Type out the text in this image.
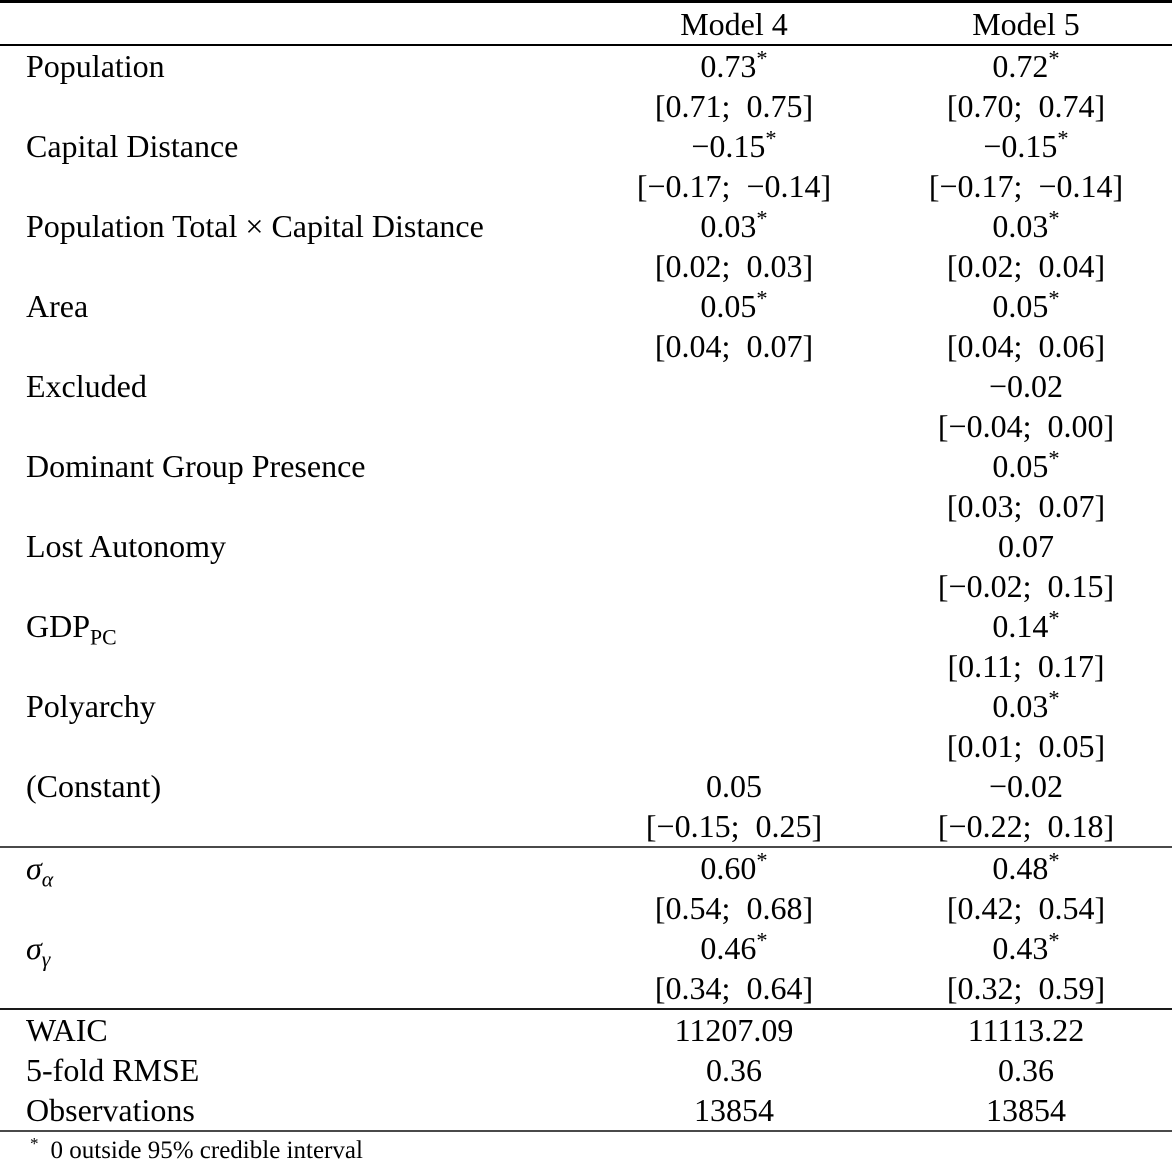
	Model 4	Model 5
Population	0.73*	0.72*
	[0.71; 0.75]	[0.70; 0.74]
Capital Distance	−0.15*	−0.15*
	[−0.17; −0.14]	[−0.17; −0.14]
Population Total × Capital Distance	0.03*	0.03*
	[0.02; 0.03]	[0.02; 0.04]
Area	0.05*	0.05*
	[0.04; 0.07]	[0.04; 0.06]
Excluded		−0.02
		[−0.04; 0.00]
Dominant Group Presence		0.05*
		[0.03; 0.07]
Lost Autonomy		0.07
		[−0.02; 0.15]
$GDP_{PC}$		0.14*
		[0.11; 0.17]
Polyarchy		0.03*
		[0.01; 0.05]
(Constant)	0.05	−0.02
	[−0.15; 0.25]	[−0.22; 0.18]
$\sigma_\alpha$	0.60*	0.48*
	[0.54; 0.68]	[0.42; 0.54]
$\sigma_\gamma$	0.46*	0.43*
	[0.34; 0.64]	[0.32; 0.59]
WAIC	11207.09	11113.22
5-fold RMSE	0.36	0.36
Observations	13854	13854
* 0 outside 95% credible interval
